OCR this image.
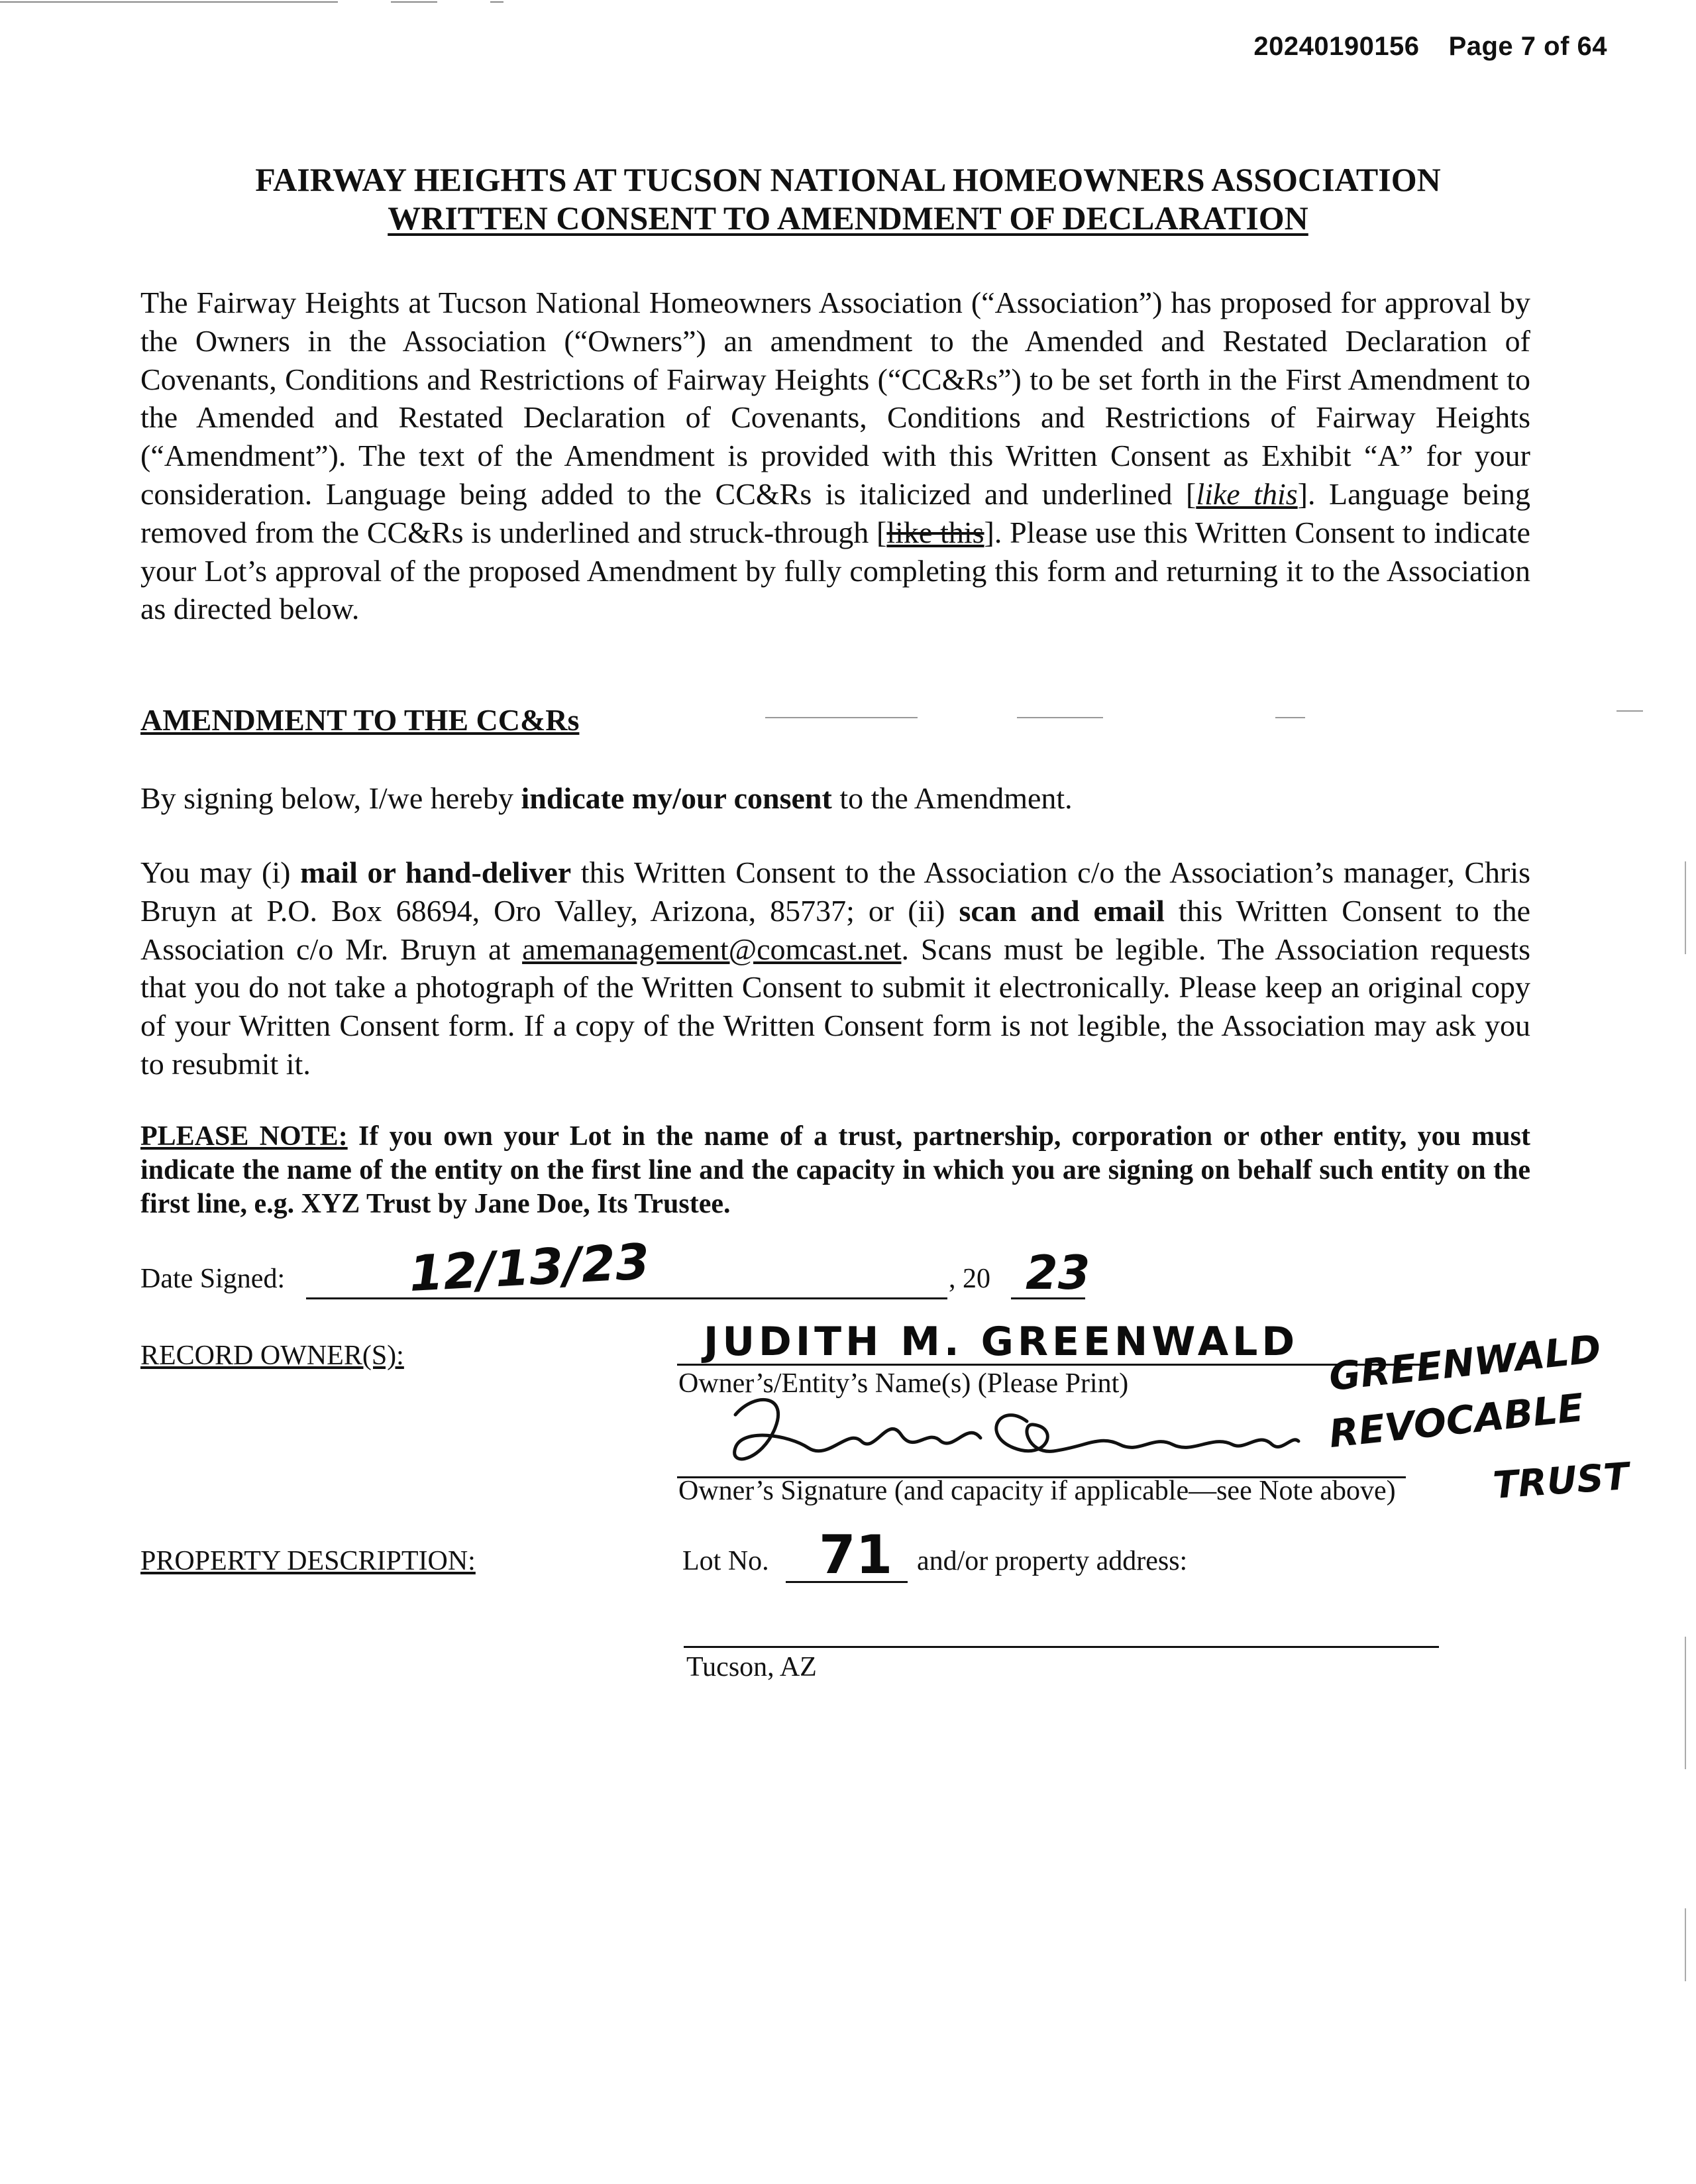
20240190156 Page 7 of 64
FAIRWAY HEIGHTS AT TUCSON NATIONAL HOMEOWNERS ASSOCIATION
WRITTEN CONSENT TO AMENDMENT OF DECLARATION
The Fairway Heights at Tucson National Homeowners Association (“Association”) has proposed for approval by the Owners in the Association (“Owners”) an amendment to the Amended and Restated Declaration of Covenants, Conditions and Restrictions of Fairway Heights (“CC&Rs”) to be set forth in the First Amendment to the Amended and Restated Declaration of Covenants, Conditions and Restrictions of Fairway Heights (“Amendment”). The text of the Amendment is provided with this Written Consent as Exhibit “A” for your consideration. Language being added to the CC&Rs is italicized and underlined [like this]. Language being removed from the CC&Rs is underlined and struck-through [like this]. Please use this Written Consent to indicate your Lot’s approval of the proposed Amendment by fully completing this form and returning it to the Association as directed below.
AMENDMENT TO THE CC&Rs
By signing below, I/we hereby indicate my/our consent to the Amendment.
You may (i) mail or hand-deliver this Written Consent to the Association c/o the Association’s manager, Chris Bruyn at P.O. Box 68694, Oro Valley, Arizona, 85737; or (ii) scan and email this Written Consent to the Association c/o Mr. Bruyn at amemanagement@comcast.net. Scans must be legible. The Association requests that you do not take a photograph of the Written Consent to submit it electronically. Please keep an original copy of your Written Consent form. If a copy of the Written Consent form is not legible, the Association may ask you to resubmit it.
PLEASE NOTE: If you own your Lot in the name of a trust, partnership, corporation or other entity, you must indicate the name of the entity on the first line and the capacity in which you are signing on behalf such entity on the first line, e.g. XYZ Trust by Jane Doe, Its Trustee.
Date Signed:	12/13/23	, 20 23
RECORD OWNER(S):	JUDITH M. GREENWALD
Owner’s/Entity’s Name(s) (Please Print)	GREENWALD
REVOCABLE
TRUST
Owner’s Signature (and capacity if applicable—see Note above)
PROPERTY DESCRIPTION:	Lot No. 71 and/or property address:
Tucson, AZ
